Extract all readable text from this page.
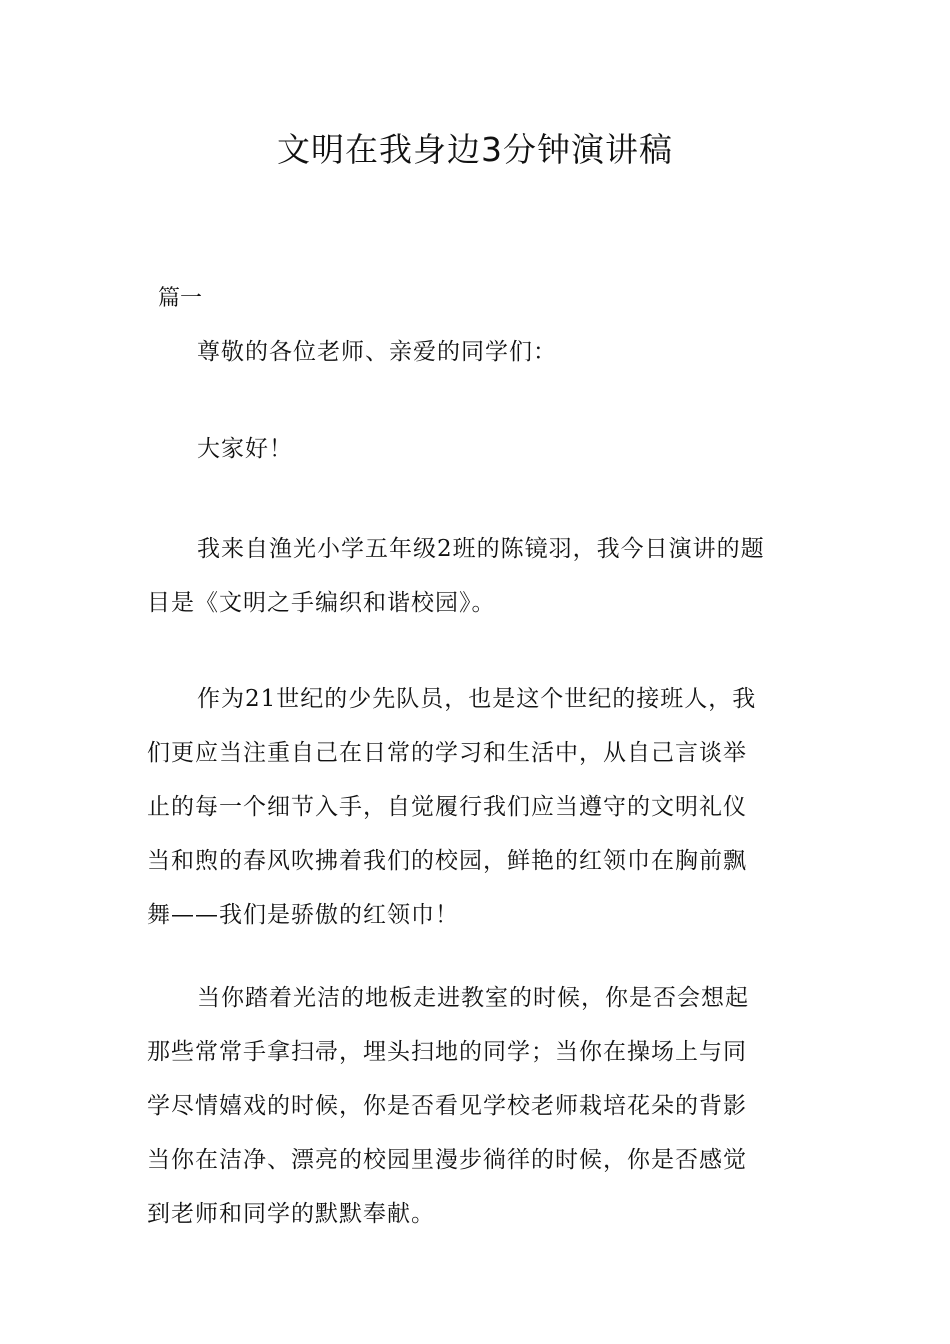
文明在我身边3分钟演讲稿
篇一

尊敬的各位老师、亲爱的同学们：

大家好！

我来自渔光小学五年级2班的陈镜羽，我今日演讲的题
目是《文明之手编织和谐校园》。

作为21世纪的少先队员，也是这个世纪的接班人，我
们更应当注重自己在日常的学习和生活中，从自己言谈举
止的每一个细节入手，自觉履行我们应当遵守的文明礼仪
当和煦的春风吹拂着我们的校园，鲜艳的红领巾在胸前飘
舞——我们是骄傲的红领巾！

当你踏着光洁的地板走进教室的时候，你是否会想起
那些常常手拿扫帚，埋头扫地的同学；当你在操场上与同
学尽情嬉戏的时候，你是否看见学校老师栽培花朵的背影
当你在洁净、漂亮的校园里漫步徜徉的时候，你是否感觉
到老师和同学的默默奉献。
